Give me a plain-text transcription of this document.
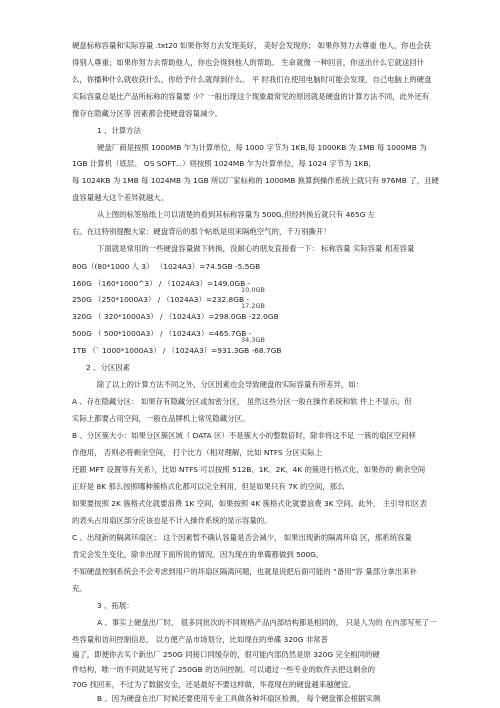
硬盘标称容量和实际容量 .txt20 如果你努力去发现美好， 美好会发现你； 如果你努力去尊重 他人，你也会获
得别人尊重；如果你努力去帮助他人，你也会得到他人的帮助。 生命就像 一种回音，你送出什么它就送回什
么，你播种什么就收获什么，你给予什么就得到什么。 平 时我们在使用电脑时可能会发现，自己电脑上的硬盘
实际容量总是比产品所标称的容量要 少？一般出现这个现象最常见的原因就是硬盘的计算方法不同，此外还有
像存在隐藏分区等 因素都会使硬盘容量减少。
1 、计算方法
硬盘厂商是按照 1000MB 乍为计算单位，每 1000 字节为 1KB,每 1000KB 为 1MB 每 1000MB 为
1GB 计算机（底层、 OS SOFT...）则按照 1024MB 乍为计算单位，每 1024 字节为 1KB,
每 1024KB 为 1MB 每 1024MB 为 1GB 所以厂家标称的 1000MB 换算到操作系统上就只有 976MB 了，且硬
盘容量越大这个差异就越大。
从上图的标签贴纸上可以清楚的看到其标称容量为 500G,但经转换后就只有 465G 左
右。在这特别提醒大家：硬盘背后的那个帖纸是用来隔绝空气的，千万别撕开！
下面就是常用的一些硬盘容量做下转换，没耐心的朋友直接看一下： 标称容量 实际容量 相差容量
80G（(80*1000 人 3） （1024A3）=74.5GB -5.5GB
160G （160*1000^3） / （1024A3）=149.0GB -
10.0GB
250G （250*1000A3） / （1024A3）=232.8GB -
17.2GB
320G （ 320*1000A3） / （1024A3）=298.0GB -22.0GB
500G （ 500*1000A3） / （1024A3）=465.7GB -
34.3GB
1TB （` 1000*1000A3） / （1024A3）=931.3GB -68.7GB
2 、分区因素
除了以上的计算方法不同之外，分区因素也会导致硬盘的实际容量有所差异，如：
A 、存在隐藏分区： 如果存有隐藏分区或加密分区， 虽然这些分区一般在操作系统和软 件上不显示，但
实际上都要占用空间，一般在品牌机上常见隐藏分区。
B 、分区簇大小：如果分区簇区域（ DATA 区）不是簇大小的整数倍时，除非将这不足 一簇的扇区空间移
作他用， 否则必将剩余空间， 打个比方（相对理解，比如 NTFS 分区实际上
还跟 MFT 设置等有关系），比如 NTFS 可以按照 512B、1K、2K、4K 的簇进行格式化，如果你的 剩余空间
正好是 8K 那么按照哪种簇格式化都可以完全利用，但是如果只有 7K 的空间，那么
如果要按照 2K 簇格式化就要浪费 1K 空间，如果按照 4K 簇格式化就要浪费 3K 空间。此外， 主引导扣区表
的表头占用扇区部分应该也是不计入操作系统的显示容量的。
C 、出现新的隔离环扇区； 这个因素暂不确认容量是否会减少， 如果出现新的隔离环扇 区，那系统容量
肯定会发生变化，除非出现下面所说的情况。因为现在的单碟都做到 500G,
不知硬盘控制系统会不会考虑到用户的坏扇区隔离问题，也就是说把后面可能的 “备用”容 量部分拿出来补
充。
3 、拓展：
A 、事实上硬盘出厂时， 很多同批次的不同规格产品内部结构都是相同的， 只是人为的 在内部写死了一
些容量和访问控制信息， 以方便产品市场划分，比如现在的单碟 320G 非常普
遍了，即便你去买个新出厂 250G 同接口同缓存的，很可能内部仍然是原 320G 完全相同的硬
件结构，唯一的不同就是写死了 250GB 的访问控制。可以通过一些专业的软件去把这剩余的
70G 找回来，不过为了数据安全，还是最好不要这样做，毕竟现在的硬盘越来越便宜。
B 、因为硬盘在出厂时候还要使用专业工具做各种坏扇区检测， 每个硬盘都会根据实测
